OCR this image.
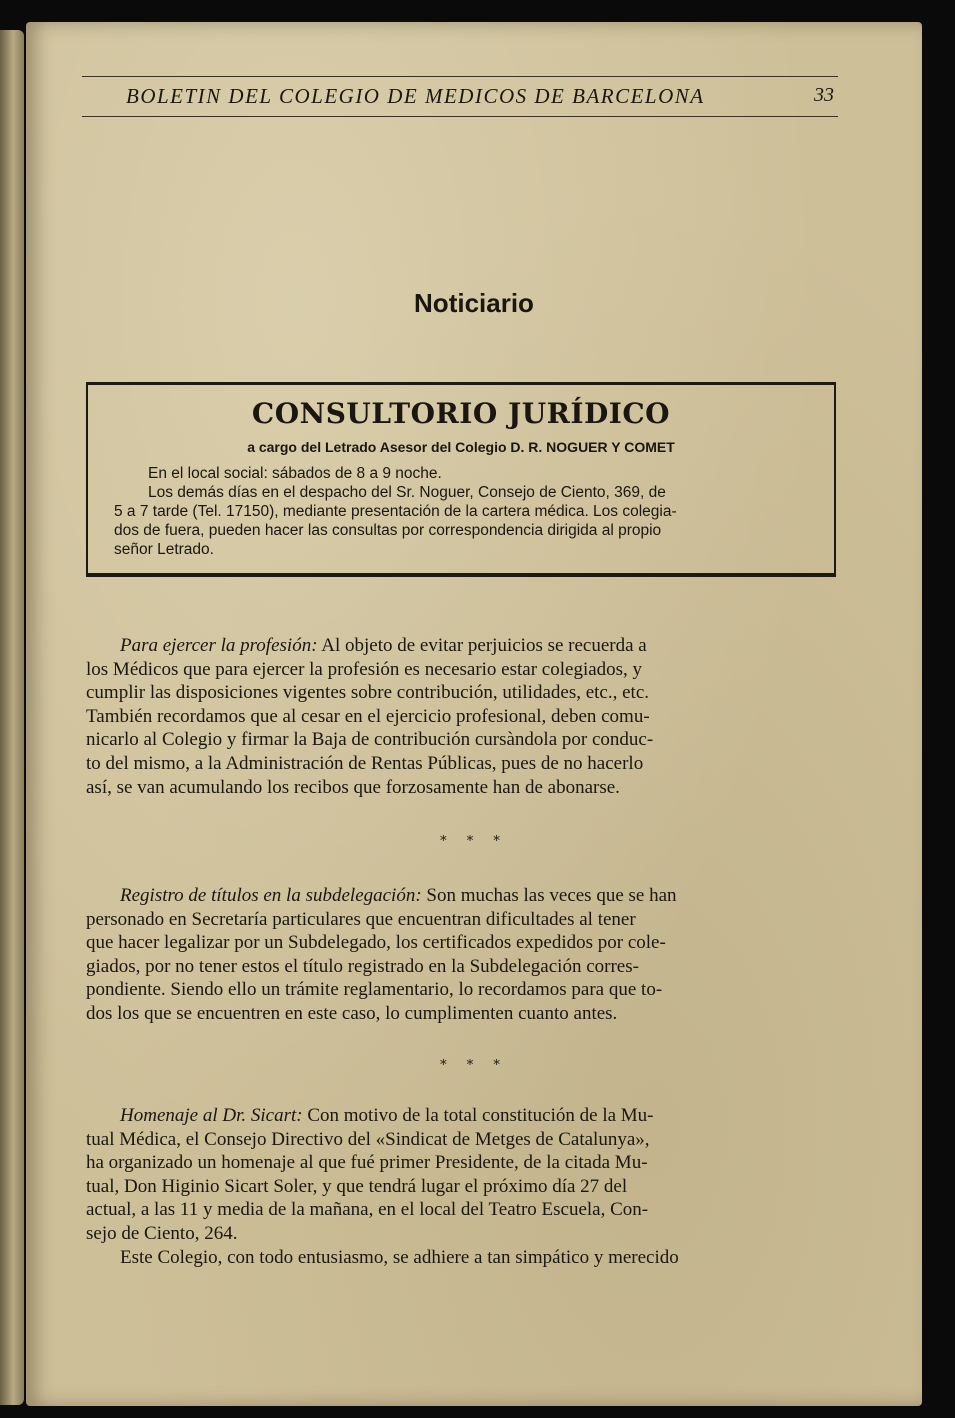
BOLETIN DEL COLEGIO DE MEDICOS DE BARCELONA	33
Noticiario
CONSULTORIO JURÍDICO
a cargo del Letrado Asesor del Colegio D. R. NOGUER Y COMET
En el local social: sábados de 8 a 9 noche.
Los demás días en el despacho del Sr. Noguer, Consejo de Ciento, 369, de
5 a 7 tarde (Tel. 17150), mediante presentación de la cartera médica. Los colegia-
dos de fuera, pueden hacer las consultas por correspondencia dirigida al propio
señor Letrado.
Para ejercer la profesión: Al objeto de evitar perjuicios se recuerda a
los Médicos que para ejercer la profesión es necesario estar colegiados, y
cumplir las disposiciones vigentes sobre contribución, utilidades, etc., etc.
También recordamos que al cesar en el ejercicio profesional, deben comu-
nicarlo al Colegio y firmar la Baja de contribución cursàndola por conduc-
to del mismo, a la Administración de Rentas Públicas, pues de no hacerlo
así, se van acumulando los recibos que forzosamente han de abonarse.
* * *
Registro de títulos en la subdelegación: Son muchas las veces que se han
personado en Secretaría particulares que encuentran dificultades al tener
que hacer legalizar por un Subdelegado, los certificados expedidos por cole-
giados, por no tener estos el título registrado en la Subdelegación corres-
pondiente. Siendo ello un trámite reglamentario, lo recordamos para que to-
dos los que se encuentren en este caso, lo cumplimenten cuanto antes.
* * *
Homenaje al Dr. Sicart: Con motivo de la total constitución de la Mu-
tual Médica, el Consejo Directivo del «Sindicat de Metges de Catalunya»,
ha organizado un homenaje al que fué primer Presidente, de la citada Mu-
tual, Don Higinio Sicart Soler, y que tendrá lugar el próximo día 27 del
actual, a las 11 y media de la mañana, en el local del Teatro Escuela, Con-
sejo de Ciento, 264.
Este Colegio, con todo entusiasmo, se adhiere a tan simpático y merecido
